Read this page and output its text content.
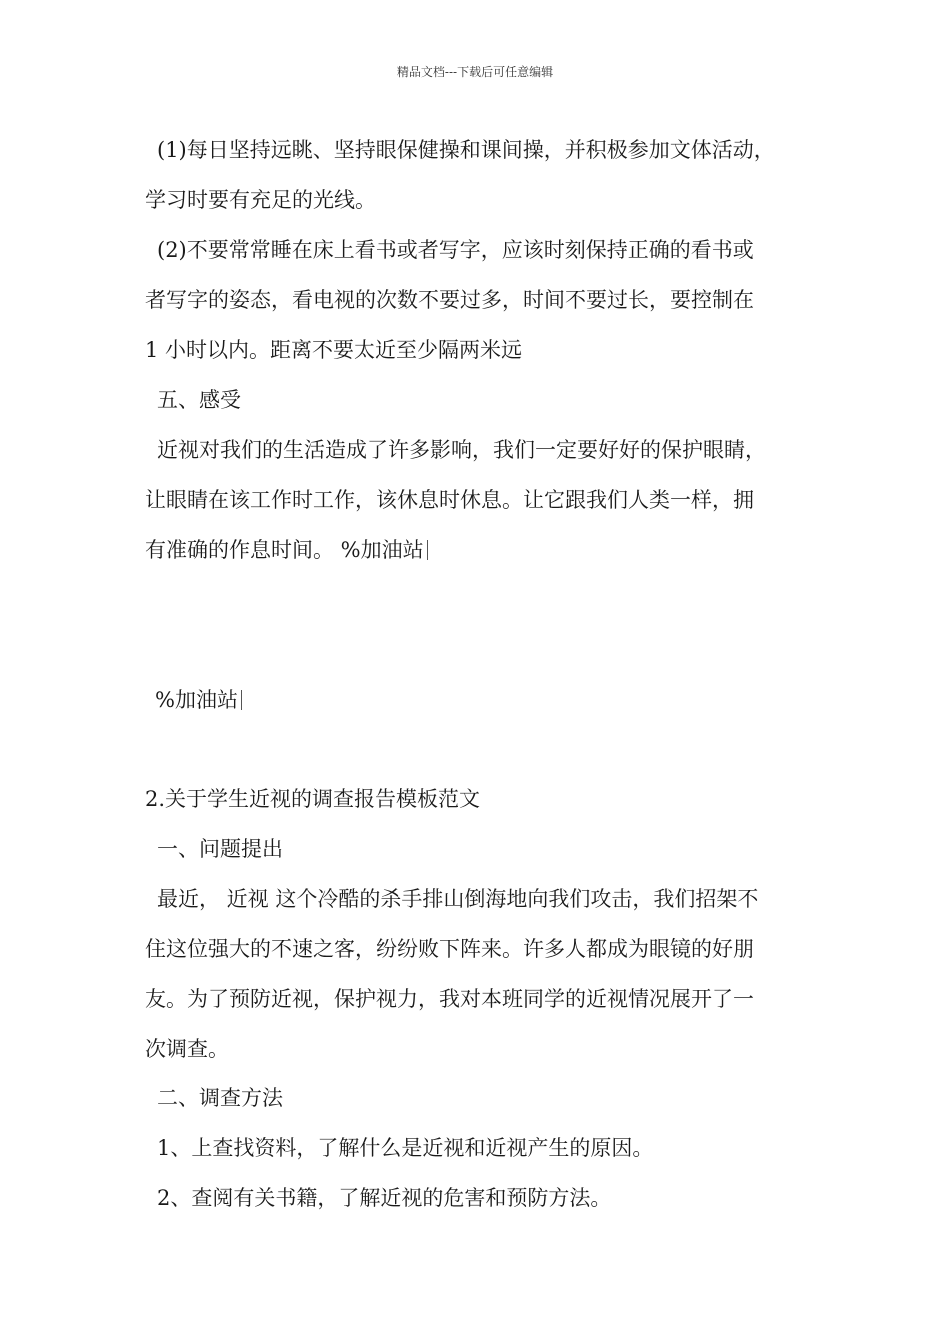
精品文档---下载后可任意编辑
(1)每日坚持远眺、坚持眼保健操和课间操，并积极参加文体活动，
学习时要有充足的光线。
(2)不要常常睡在床上看书或者写字，应该时刻保持正确的看书或
者写字的姿态，看电视的次数不要过多，时间不要过长，要控制在
1 小时以内。距离不要太近至少隔两米远
五、感受
近视对我们的生活造成了许多影响，我们一定要好好的保护眼睛，
让眼睛在该工作时工作，该休息时休息。让它跟我们人类一样，拥
有准确的作息时间。 %加油站
%加油站
2.关于学生近视的调查报告模板范文
一、问题提出
最近， 近视 这个冷酷的杀手排山倒海地向我们攻击，我们招架不
住这位强大的不速之客，纷纷败下阵来。许多人都成为眼镜的好朋
友。为了预防近视，保护视力，我对本班同学的近视情况展开了一
次调查。
二、调查方法
1、上查找资料，了解什么是近视和近视产生的原因。
2、查阅有关书籍，了解近视的危害和预防方法。
